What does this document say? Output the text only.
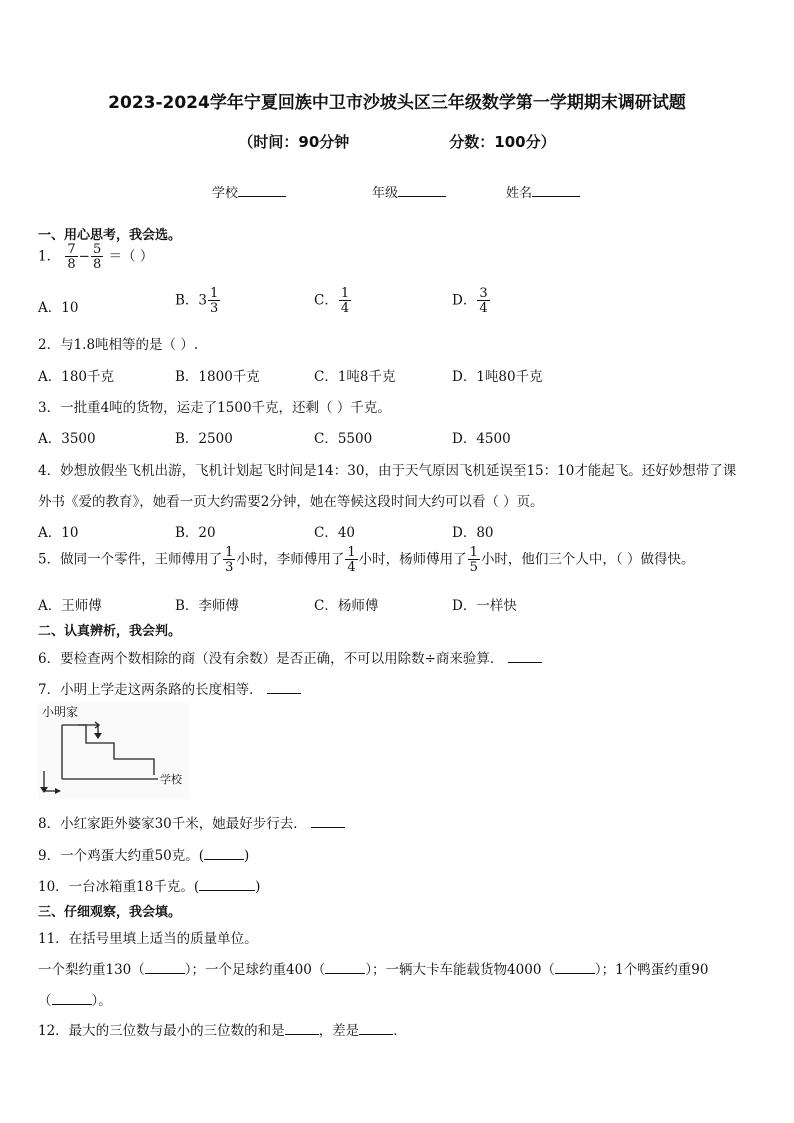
2023-2024学年宁夏回族中卫市沙坡头区三年级数学第一学期期末调研试题
（时间：90分钟	分数：100分）
学校	年级	姓名
一、用心思考，我会选。
1． $\frac{7}{8} - \frac{5}{8}$ ＝（ ）
A．10	B．$3 \frac{1}{3}$	C． $\frac{1}{4}$	D． $\frac{3}{4}$
2．与1.8吨相等的是（ ）.
A．180千克	B．1800千克	C．1吨8千克	D．1吨80千克
3．一批重4吨的货物，运走了1500千克，还剩（ ）千克。
A．3500	B．2500	C．5500	D．4500
4．妙想放假坐飞机出游，飞机计划起飞时间是14：30，由于天气原因飞机延误至15：10才能起飞。还好妙想带了课
外书《爱的教育》，她看一页大约需要2分钟，她在等候这段时间大约可以看（ ）页。
A．10	B．20	C．40	D．80
5．做同一个零件，王师傅用了 $\frac{1}{3}$ 小时，李师傅用了 $\frac{1}{4}$ 小时，杨师傅用了 $\frac{1}{5}$ 小时，他们三个人中，（ ）做得快。
A．王师傅	B．李师傅	C．杨师傅	D．一样快
二、认真辨析，我会判。
6．要检查两个数相除的商（没有余数）是否正确，不可以用除数÷商来验算．
7．小明上学走这两条路的长度相等．
小明家
学校
8．小红家距外婆家30千米，她最好步行去．
9．一个鸡蛋大约重50克。(	)
10．一台冰箱重18千克。(	)
三、仔细观察，我会填。
11．在括号里填上适当的质量单位。
一个梨约重130（	）；一个足球约重400（	）；一辆大卡车能载货物4000（	）；1个鸭蛋约重90
（	）。
12．最大的三位数与最小的三位数的和是	，差是	．
